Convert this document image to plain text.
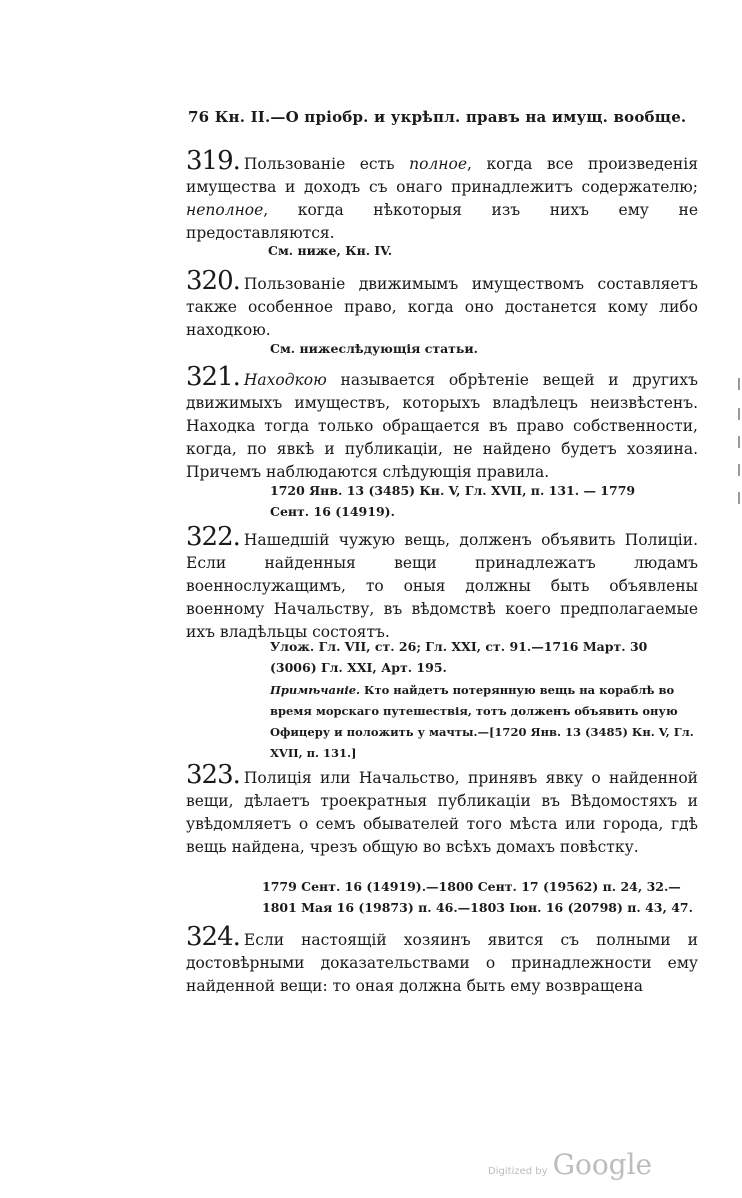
76 Кн. II.—О пріобр. и укрѣпл. правъ на имущ. вообще.
319. Пользованіе есть полное, когда все произведенія имущества и доходъ съ онаго принадлежитъ содержателю; неполное, когда нѣкоторыя изъ нихъ ему не предоставляются.
См. ниже, Кн. IV.
320. Пользованіе движимымъ имуществомъ составляетъ также особенное право, когда оно достанется кому либо находкою.
См. нижеслѣдующія статьи.
321. Находкою называется обрѣтеніе вещей и другихъ движимыхъ имуществъ, которыхъ владѣлецъ неизвѣстенъ. Находка тогда только обращается въ право собственности, когда, по явкѣ и публикаціи, не найдено будетъ хозяина. Причемъ наблюдаются слѣдующія правила.
1720 Янв. 13 (3485) Кн. V, Гл. XVII, п. 131. — 1779
Сент. 16 (14919).
322. Нашедшій чужую вещь, долженъ объявить Полиціи. Если найденныя вещи принадлежатъ людамъ военнослужащимъ, то оныя должны быть объявлены военному Начальству, въ вѣдомствѣ коего предполагаемые ихъ владѣльцы состоятъ.
Улож. Гл. VII, ст. 26; Гл. XXI, ст. 91.—1716 Март. 30
(3006) Гл. XXI, Арт. 195.
Примѣчаніе. Кто найдетъ потерянную вещь на кораблѣ во время морскаго путешествія, тотъ долженъ объявить оную Офицеру и положить у мачты.—[1720 Янв. 13 (3485) Кн. V, Гл. XVII, п. 131.]
323. Полиція или Начальство, принявъ явку о найденной вещи, дѣлаетъ троекратныя публикаціи въ Вѣдомостяхъ и увѣдомляетъ о семъ обывателей того мѣста или города, гдѣ вещь найдена, чрезъ общую во всѣхъ домахъ повѣстку.
1779 Сент. 16 (14919).—1800 Сент. 17 (19562) п. 24, 32.—
1801 Мая 16 (19873) п. 46.—1803 Іюн. 16 (20798) п. 43, 47.
324. Если настоящій хозяинъ явится съ полными и достовѣрными доказательствами о принадлежности ему найденной вещи: то оная должна быть ему возвращена
Digitized by Google
